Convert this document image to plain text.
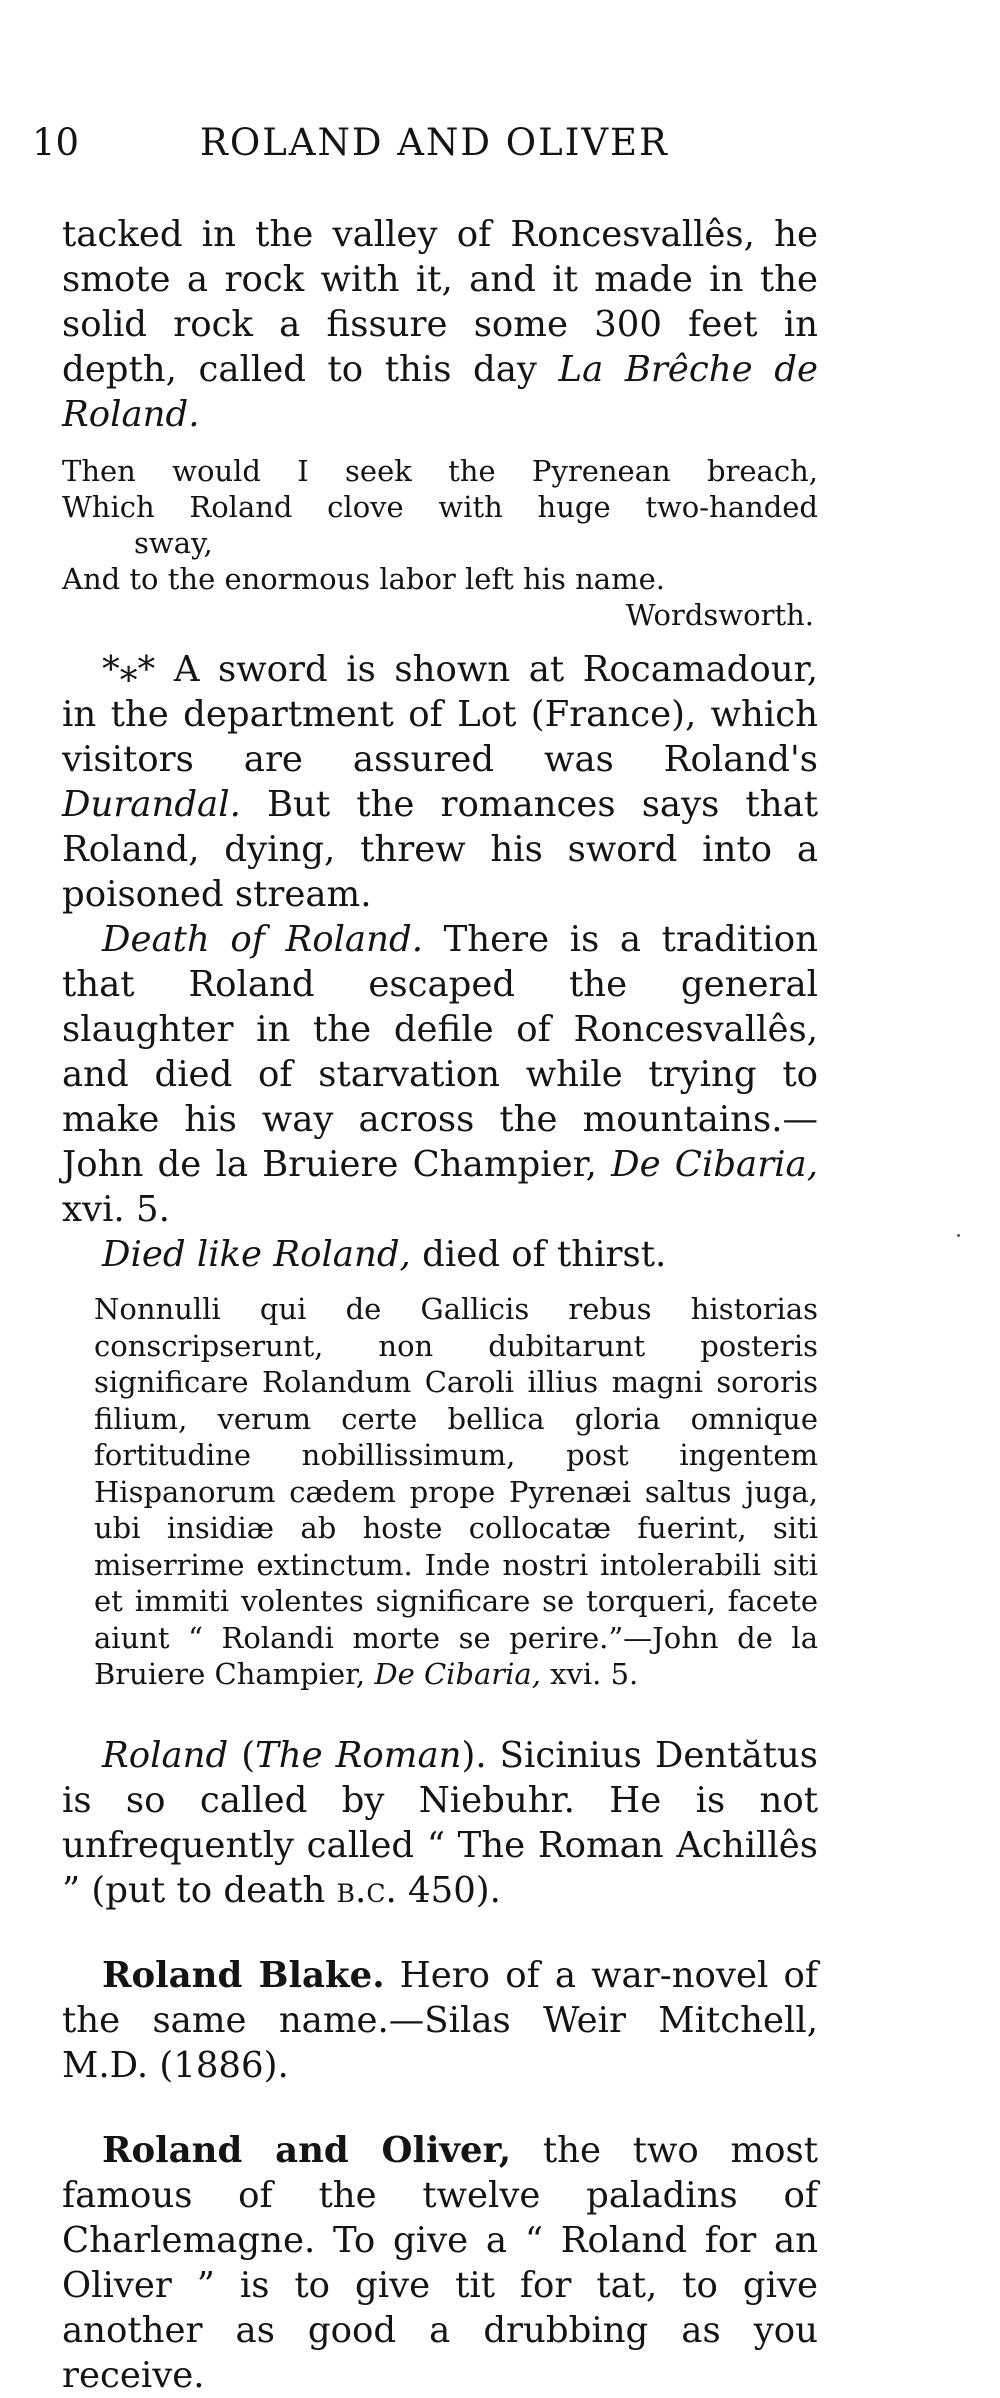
10	ROLAND AND OLIVER

tacked in the valley of Roncesvallês, he smote a rock with it, and it made in the solid rock a fissure some 300 feet in depth, called to this day La Brêche de Roland.

Then would I seek the Pyrenean breach,
Which Roland clove with huge two-handed
sway,
And to the enormous labor left his name.
Wordsworth.

*⁎* A sword is shown at Rocamadour, in the department of Lot (France), which visitors are assured was Roland's Durandal. But the romances says that Roland, dying, threw his sword into a poisoned stream.

Death of Roland. There is a tradition that Roland escaped the general slaughter in the defile of Roncesvallês, and died of starvation while trying to make his way across the mountains.—John de la Bruiere Champier, De Cibaria, xvi. 5.

Died like Roland, died of thirst.

Nonnulli qui de Gallicis rebus historias conscripserunt, non dubitarunt posteris significare Rolandum Caroli illius magni sororis filium, verum certe bellica gloria omnique fortitudine nobillissimum, post ingentem Hispanorum cædem prope Pyrenæi saltus juga, ubi insidiæ ab hoste collocatæ fuerint, siti miserrime extinctum. Inde nostri intolerabili siti et immiti volentes significare se torqueri, facete aiunt “ Rolandi morte se perire.”—John de la Bruiere Champier, De Cibaria, xvi. 5.

Roland (The Roman). Sicinius Dentătus is so called by Niebuhr. He is not unfrequently called “ The Roman Achillês ” (put to death b.c. 450).

Roland Blake. Hero of a war-novel of the same name.—Silas Weir Mitchell, M.D. (1886).

Roland and Oliver, the two most famous of the twelve paladins of Charlemagne. To give a “ Roland for an Oliver ” is to give tit for tat, to give another as good a drubbing as you receive.
